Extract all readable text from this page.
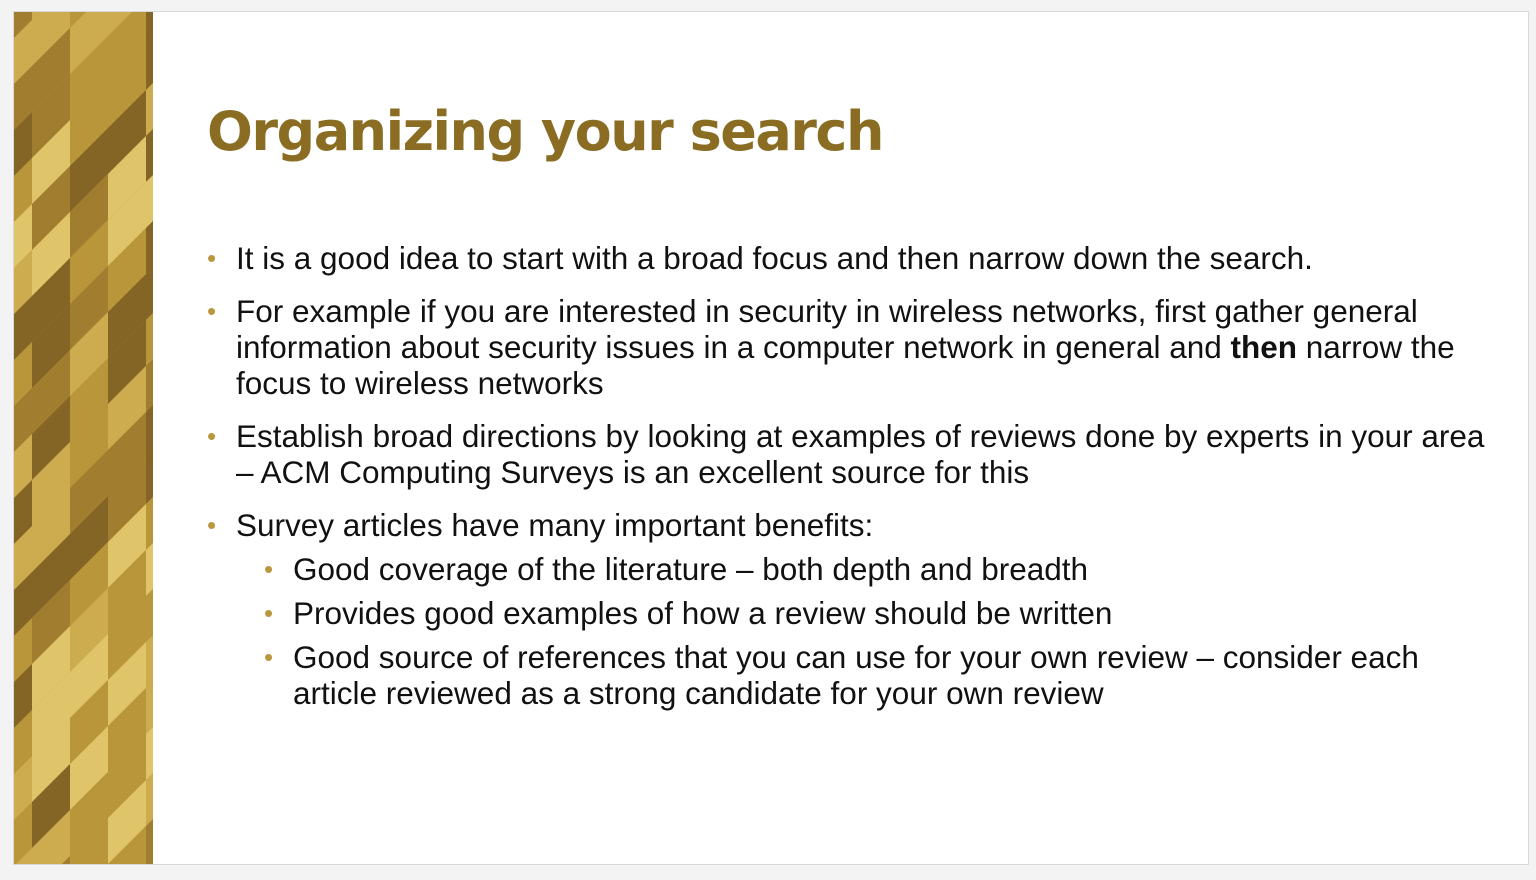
Organizing your search
• It is a good idea to start with a broad focus and then narrow down the search.
• For example if you are interested in security in wireless networks, first gather general information about security issues in a computer network in general and then narrow the focus to wireless networks
• Establish broad directions by looking at examples of reviews done by experts in your area – ACM Computing Surveys is an excellent source for this
• Survey articles have many important benefits:
• Good coverage of the literature – both depth and breadth
• Provides good examples of how a review should be written
• Good source of references that you can use for your own review – consider each article reviewed as a strong candidate for your own review
